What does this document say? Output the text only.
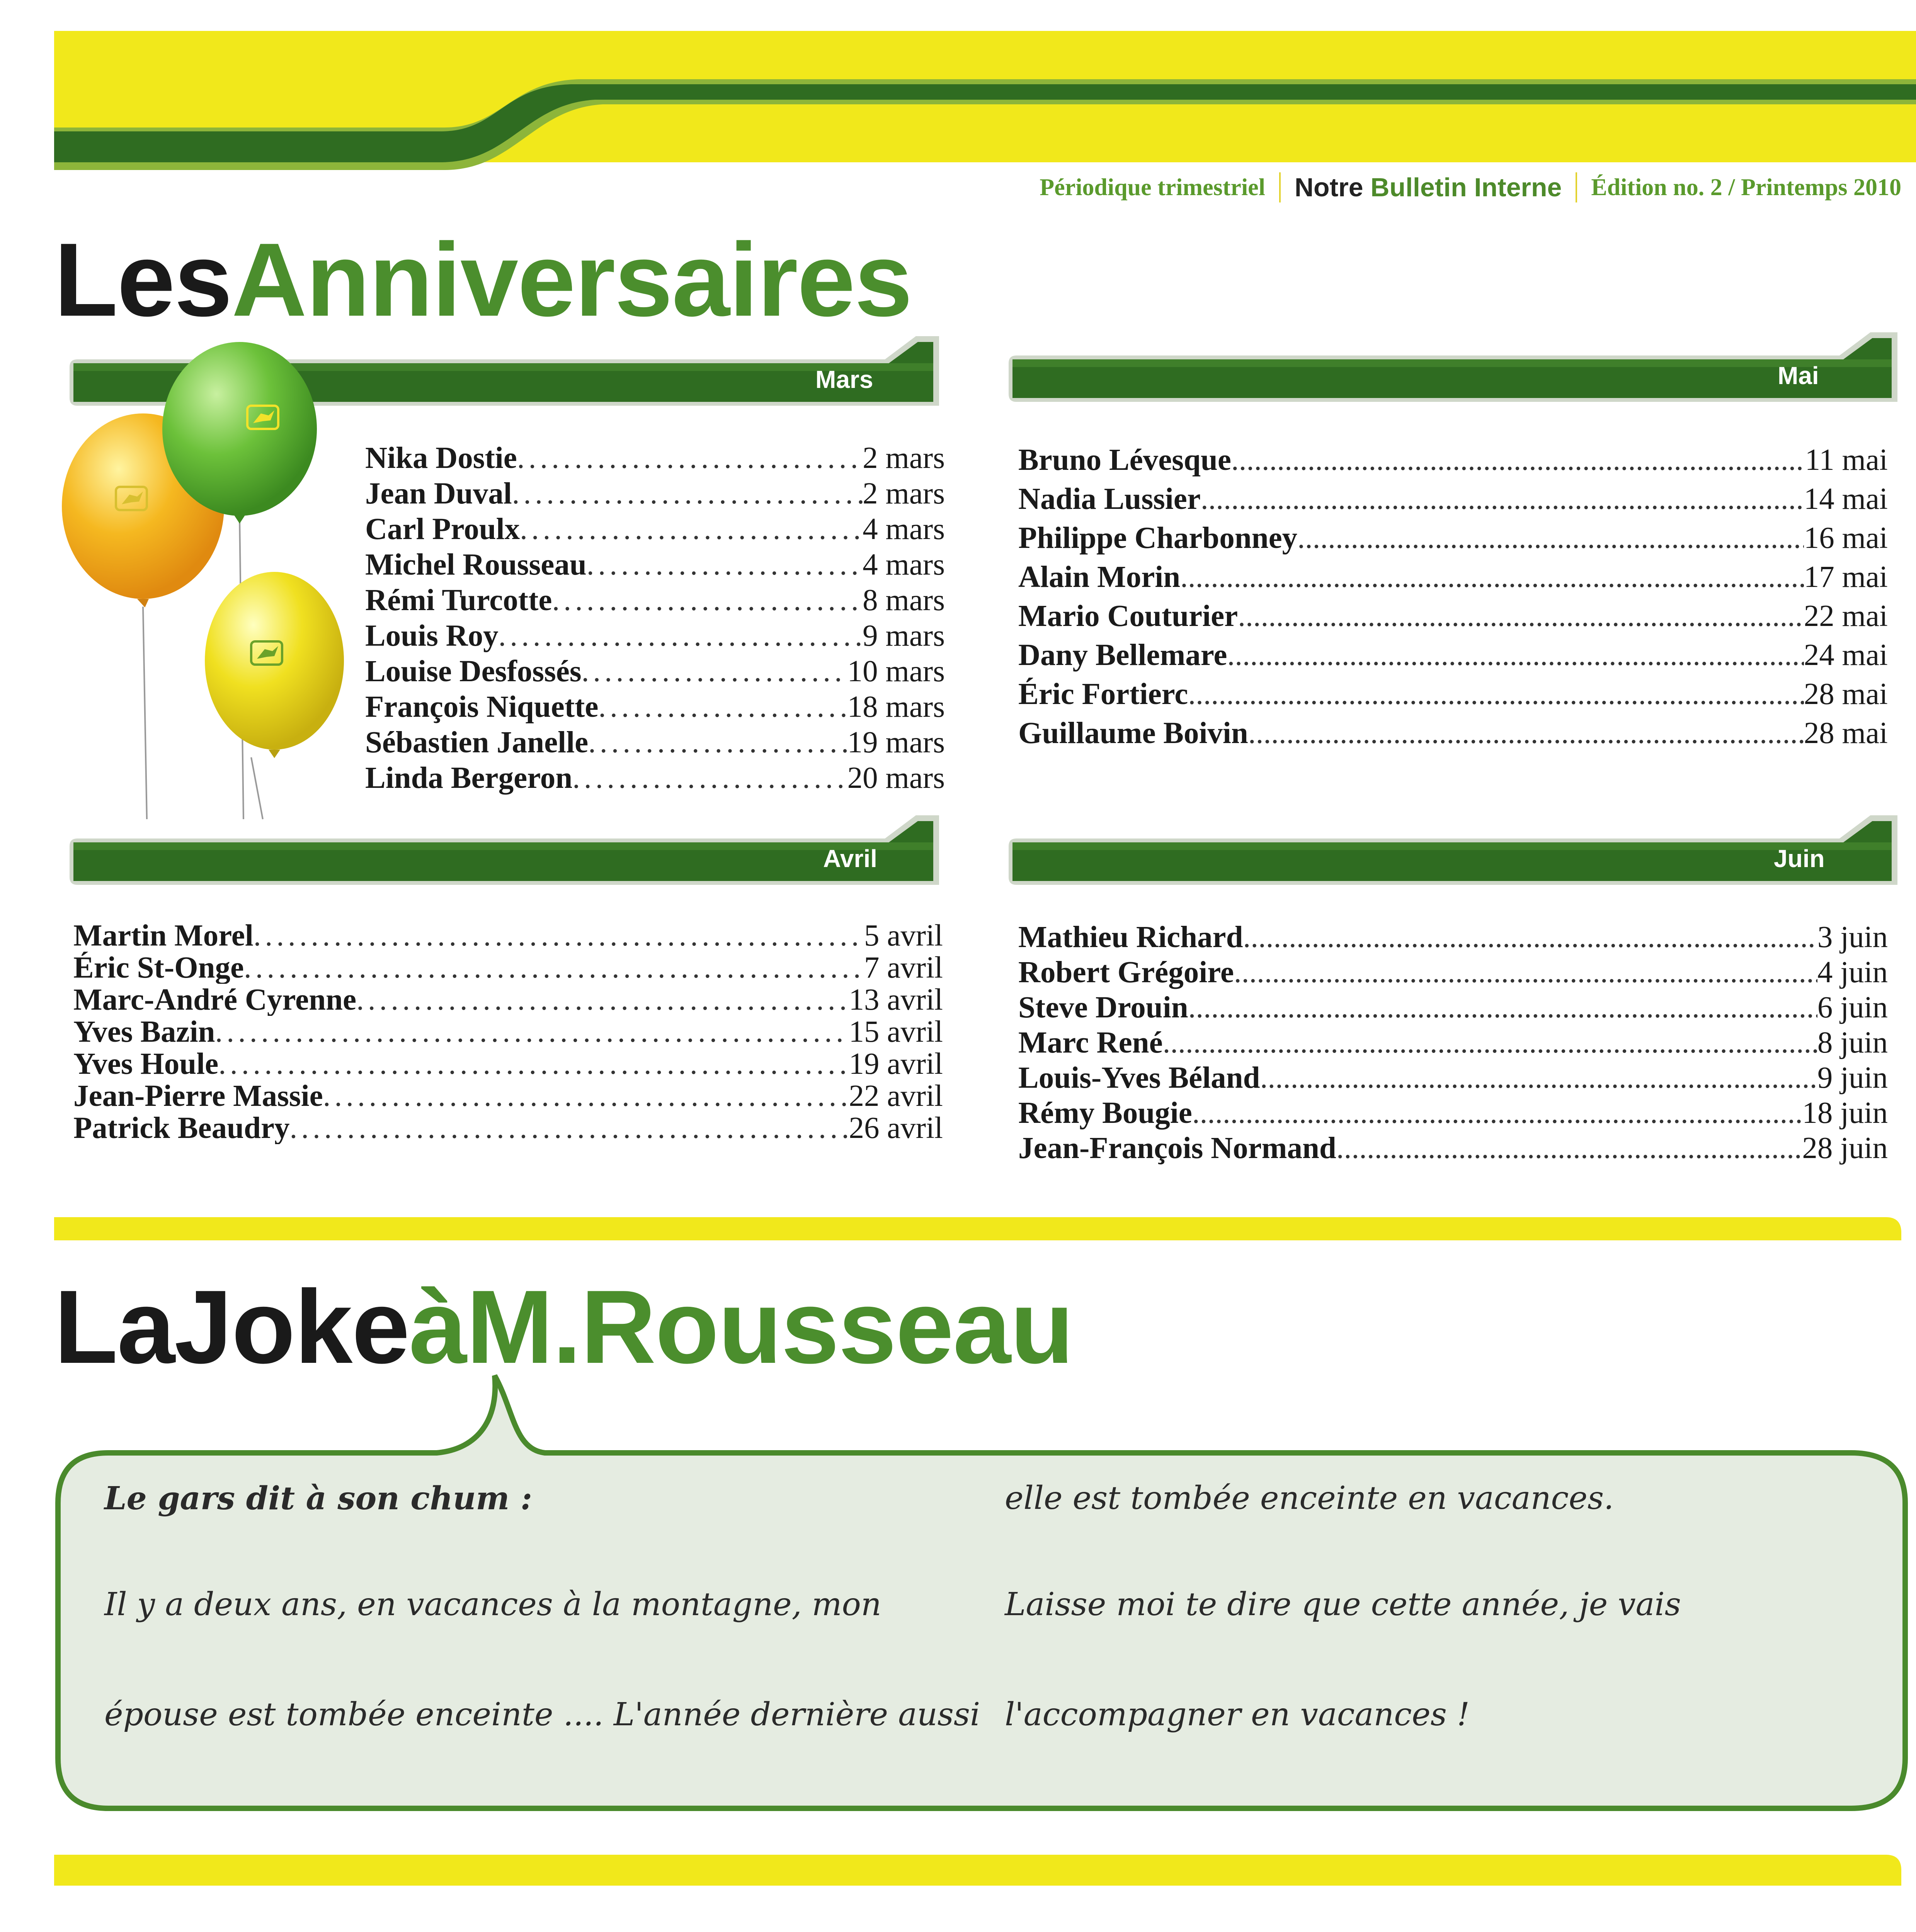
Périodique trimestriel	Notre Bulletin Interne	Édition no. 2 / Printemps 2010
LesAnniversaires
Mars	Mai
Avril	Juin
Nika Dostie .....	2 mars
Jean Duval .....	2 mars
Carl Proulx .....	4 mars
Michel Rousseau .....	4 mars
Rémi Turcotte .....	8 mars
Louis Roy .....	9 mars
Louise Desfossés .....	10 mars
François Niquette .....	18 mars
Sébastien Janelle .....	19 mars
Linda Bergeron .....	20 mars
Bruno Lévesque .....	11 mai
Nadia Lussier .....	14 mai
Philippe Charbonney .....	16 mai
Alain Morin .....	17 mai
Mario Couturier .....	22 mai
Dany Bellemare .....	24 mai
Éric Fortierc .....	28 mai
Guillaume Boivin .....	28 mai
Martin Morel .....	5 avril
Éric St-Onge .....	7 avril
Marc-André Cyrenne .....	13 avril
Yves Bazin .....	15 avril
Yves Houle .....	19 avril
Jean-Pierre Massie .....	22 avril
Patrick Beaudry .....	26 avril
Mathieu Richard .....	3 juin
Robert Grégoire .....	4 juin
Steve Drouin .....	6 juin
Marc René .....	8 juin
Louis-Yves Béland .....	9 juin
Rémy Bougie .....	18 juin
Jean-François Normand .....	28 juin
LaJokeàM.Rousseau
Le gars dit à son chum :
Il y a deux ans, en vacances à la montagne, mon
épouse est tombée enceinte .... L'année dernière aussi
elle est tombée enceinte en vacances.
Laisse moi te dire que cette année, je vais
l'accompagner en vacances !
